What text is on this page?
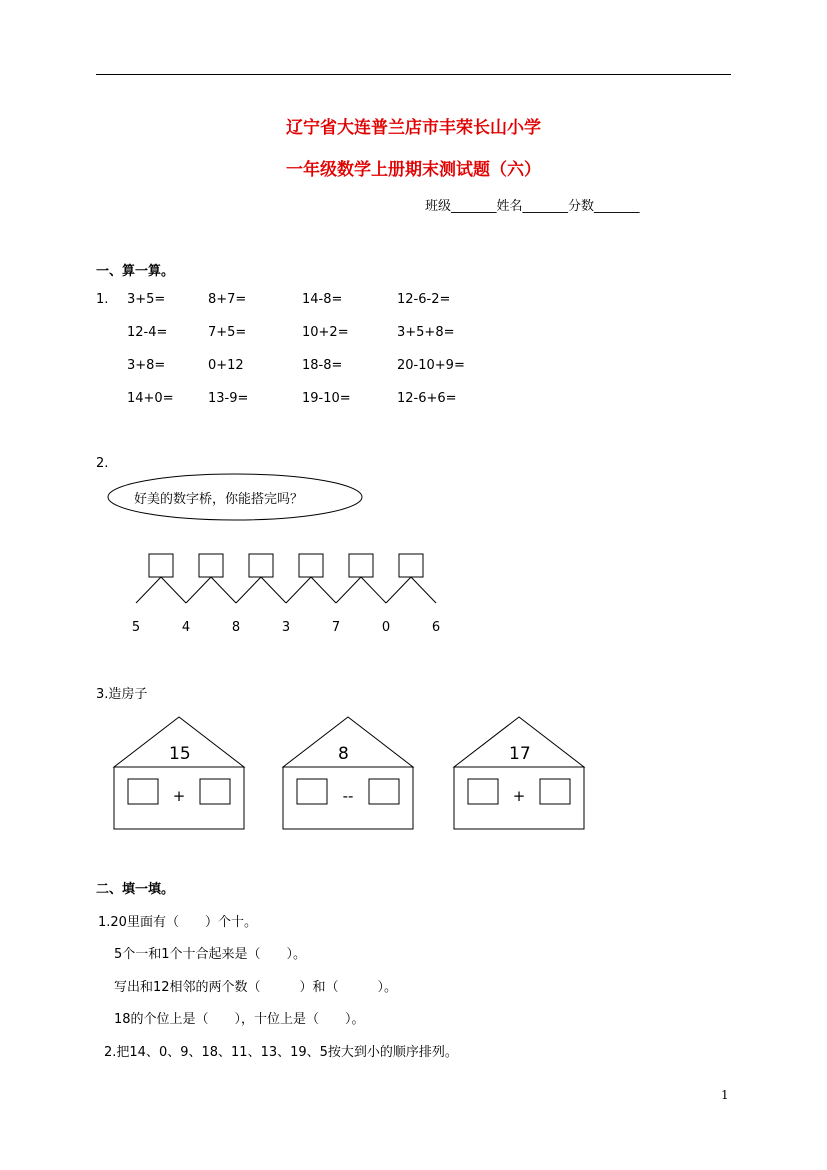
辽宁省大连普兰店市丰荣长山小学
一年级数学上册期末测试题（六）
班级_______姓名_______分数_______
一、算一算。
1. 3+5=	8+7=	14-8=	12-6-2=
12-4=	7+5=	10+2=	3+5+8=
3+8=	0+12	18-8=	20-10+9=
14+0=	13-9=	19-10=	12-6+6=
2.
5	4	8	3	7	0	6
15
+
8
--
17
+
好美的数字桥，你能搭完吗？
3.造房子
二、填一填。
1.20里面有（　　）个十。
5个一和1个十合起来是（　　）。
写出和12相邻的两个数（　　　）和（　　　）。
18的个位上是（　　），十位上是（　　）。
2.把14、0、9、18、11、13、19、5按大到小的顺序排列。
1
